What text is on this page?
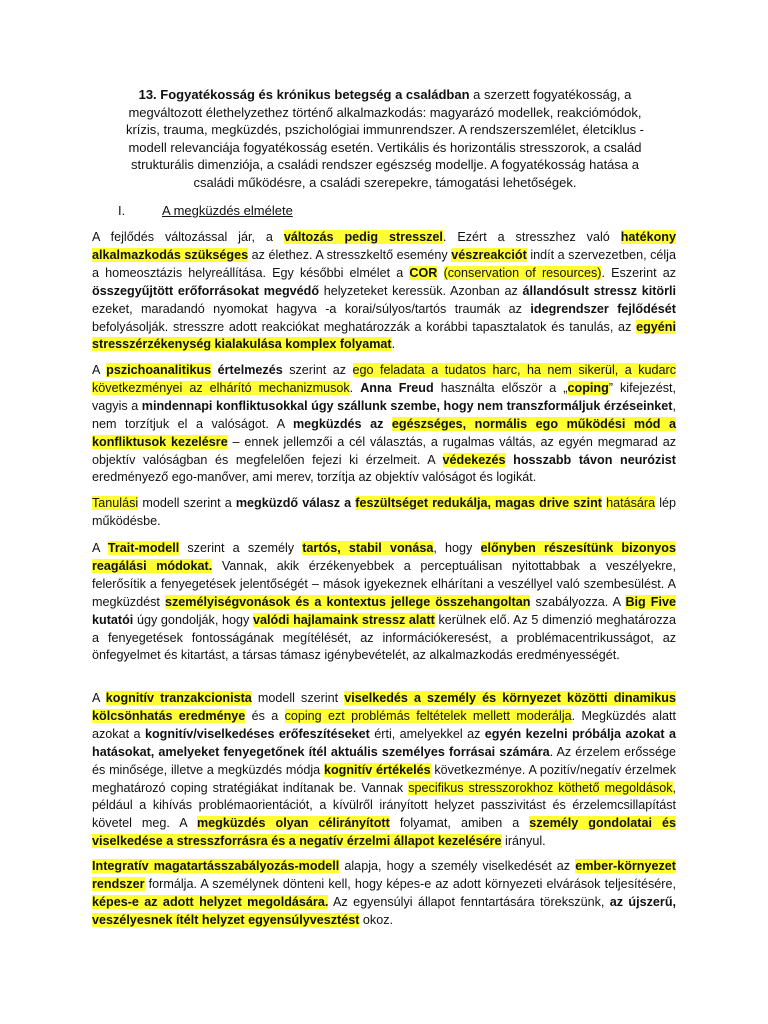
13. Fogyatékosság és krónikus betegség a családban a szerzett fogyatékosság, a megváltozott élethelyzethez történő alkalmazkodás: magyarázó modellek, reakciómódok, krízis, trauma, megküzdés, pszichológiai immunrendszer. A rendszerszemlélet, életciklus - modell relevanciája fogyatékosság esetén. Vertikális és horizontális stresszorok, a család strukturális dimenziója, a családi rendszer egészség modellje. A fogyatékosság hatása a családi működésre, a családi szerepekre, támogatási lehetőségek.
I.	A megküzdés elmélete
A fejlődés változással jár, a változás pedig stresszel. Ezért a stresszhez való hatékony alkalmazkodás szükséges az élethez. A stresszkeltő esemény vészreakciót indít a szervezetben, célja a homeosztázis helyreállítása. Egy későbbi elmélet a COR (conservation of resources). Eszerint az összegyűjtött erőforrásokat megvédő helyzeteket keressük. Azonban az állandósult stressz kitörli ezeket, maradandó nyomokat hagyva -a korai/súlyos/tartós traumák az idegrendszer fejlődését befolyásolják. stresszre adott reakciókat meghatározzák a korábbi tapasztalatok és tanulás, az egyéni stresszérzékenység kialakulása komplex folyamat.
A pszichoanalitikus értelmezés szerint az ego feladata a tudatos harc, ha nem sikerül, a kudarc következményei az elhárító mechanizmusok. Anna Freud használta először a „coping” kifejezést, vagyis a mindennapi konfliktusokkal úgy szállunk szembe, hogy nem transzformáljuk érzéseinket, nem torzítjuk el a valóságot. A megküzdés az egészséges, normális ego működési mód a konfliktusok kezelésre – ennek jellemzői a cél választás, a rugalmas váltás, az egyén megmarad az objektív valóságban és megfelelően fejezi ki érzelmeit. A védekezés hosszabb távon neurózist eredményező ego-manőver, ami merev, torzítja az objektív valóságot és logikát.
Tanulási modell szerint a megküzdő válasz a feszültséget redukálja, magas drive szint hatására lép működésbe.
A Trait-modell szerint a személy tartós, stabil vonása, hogy előnyben részesítünk bizonyos reagálási módokat. Vannak, akik érzékenyebbek a perceptuálisan nyitottabbak a veszélyekre, felerősítik a fenyegetések jelentőségét – mások igyekeznek elhárítani a veszéllyel való szembesülést. A megküzdést személyiségvonások és a kontextus jellege összehangoltan szabályozza. A Big Five kutatói úgy gondolják, hogy valódi hajlamaink stressz alatt kerülnek elő. Az 5 dimenzió meghatározza a fenyegetések fontosságának megítélését, az információkeresést, a problémacentrikusságot, az önfegyelmet és kitartást, a társas támasz igénybevételét, az alkalmazkodás eredményességét.
A kognitív tranzakcionista modell szerint viselkedés a személy és környezet közötti dinamikus kölcsönhatás eredménye és a coping ezt problémás feltételek mellett moderálja. Megküzdés alatt azokat a kognitív/viselkedéses erőfeszítéseket érti, amelyekkel az egyén kezelni próbálja azokat a hatásokat, amelyeket fenyegetőnek ítél aktuális személyes forrásai számára. Az érzelem erőssége és minősége, illetve a megküzdés módja kognitív értékelés következménye. A pozitív/negatív érzelmek meghatározó coping stratégiákat indítanak be. Vannak specifikus stresszorokhoz köthető megoldások, például a kihívás problémaorientációt, a kívülről irányított helyzet passzivitást és érzelemcsillapítást követel meg. A megküzdés olyan célirányított folyamat, amiben a személy gondolatai és viselkedése a stresszforrásra és a negatív érzelmi állapot kezelésére irányul.
Integratív magatartásszabályozás-modell alapja, hogy a személy viselkedését az ember-környezet rendszer formálja. A személynek dönteni kell, hogy képes-e az adott környezeti elvárások teljesítésére, képes-e az adott helyzet megoldására. Az egyensúlyi állapot fenntartására törekszünk, az újszerű, veszélyesnek ítélt helyzet egyensúlyvesztést okoz.
